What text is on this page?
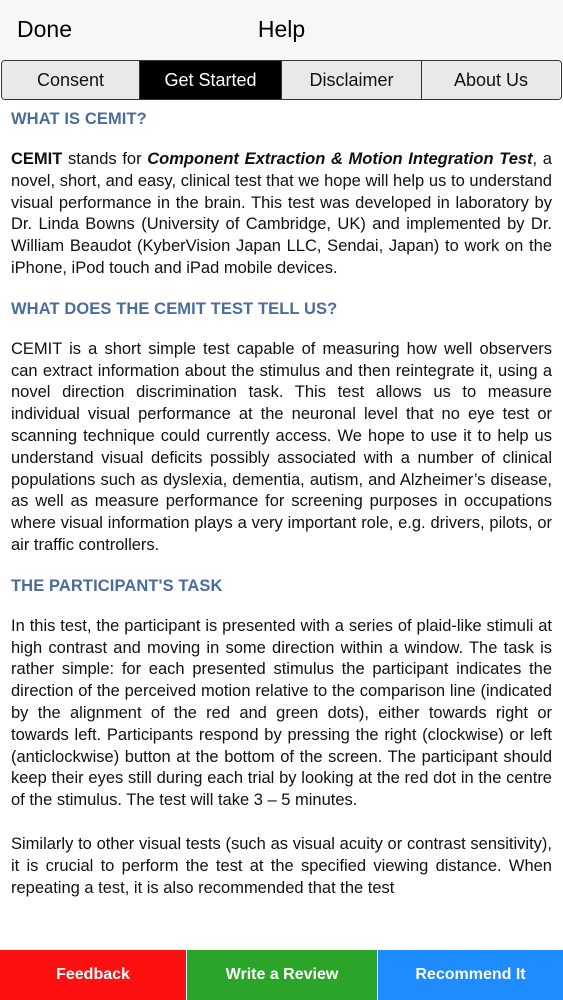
Done	Help
Consent	Get Started	Disclaimer	About Us
WHAT IS CEMIT?

CEMIT stands for Component Extraction & Motion Integration Test, a novel, short, and easy, clinical test that we hope will help us to understand visual performance in the brain. This test was developed in laboratory by Dr. Linda Bowns (University of Cambridge, UK) and implemented by Dr. William Beaudot (KyberVision Japan LLC, Sendai, Japan) to work on the iPhone, iPod touch and iPad mobile devices.

WHAT DOES THE CEMIT TEST TELL US?

CEMIT is a short simple test capable of measuring how well observers can extract information about the stimulus and then reintegrate it, using a novel direction discrimination task. This test allows us to measure individual visual performance at the neuronal level that no eye test or scanning technique could currently access. We hope to use it to help us understand visual deficits possibly associated with a number of clinical populations such as dyslexia, dementia, autism, and Alzheimer’s disease, as well as measure performance for screening purposes in occupations where visual information plays a very important role, e.g. drivers, pilots, or air traffic controllers.

THE PARTICIPANT'S TASK

In this test, the participant is presented with a series of plaid-like stimuli at high contrast and moving in some direction within a window. The task is rather simple: for each presented stimulus the participant indicates the direction of the perceived motion relative to the comparison line (indicated by the alignment of the red and green dots), either towards right or towards left. Participants respond by pressing the right (clockwise) or left (anticlockwise) button at the bottom of the screen. The participant should keep their eyes still during each trial by looking at the red dot in the centre of the stimulus. The test will take 3 – 5 minutes.

Similarly to other visual tests (such as visual acuity or contrast sensitivity), it is crucial to perform the test at the specified viewing distance. When repeating a test, it is also recommended that the test

Feedback	Write a Review	Recommend It
